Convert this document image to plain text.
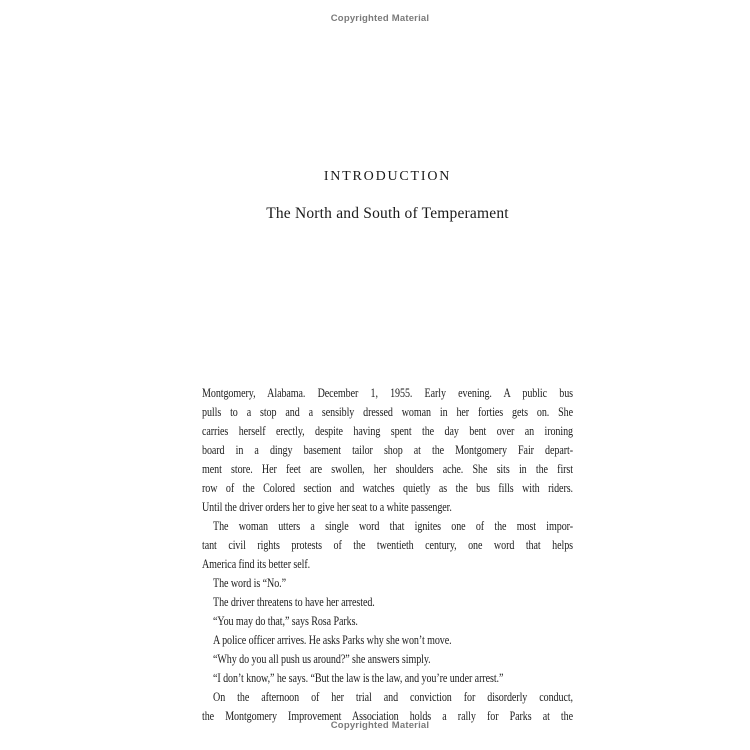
Copyrighted Material
INTRODUCTION
The North and South of Temperament
Montgomery, Alabama. December 1, 1955. Early evening. A public bus
pulls to a stop and a sensibly dressed woman in her forties gets on. She
carries herself erectly, despite having spent the day bent over an ironing
board in a dingy basement tailor shop at the Montgomery Fair depart-
ment store. Her feet are swollen, her shoulders ache. She sits in the first
row of the Colored section and watches quietly as the bus fills with riders.
Until the driver orders her to give her seat to a white passenger.
The woman utters a single word that ignites one of the most impor-
tant civil rights protests of the twentieth century, one word that helps
America find its better self.
The word is “No.”
The driver threatens to have her arrested.
“You may do that,” says Rosa Parks.
A police officer arrives. He asks Parks why she won’t move.
“Why do you all push us around?” she answers simply.
“I don’t know,” he says. “But the law is the law, and you’re under arrest.”
On the afternoon of her trial and conviction for disorderly conduct,
the Montgomery Improvement Association holds a rally for Parks at the
Copyrighted Material
